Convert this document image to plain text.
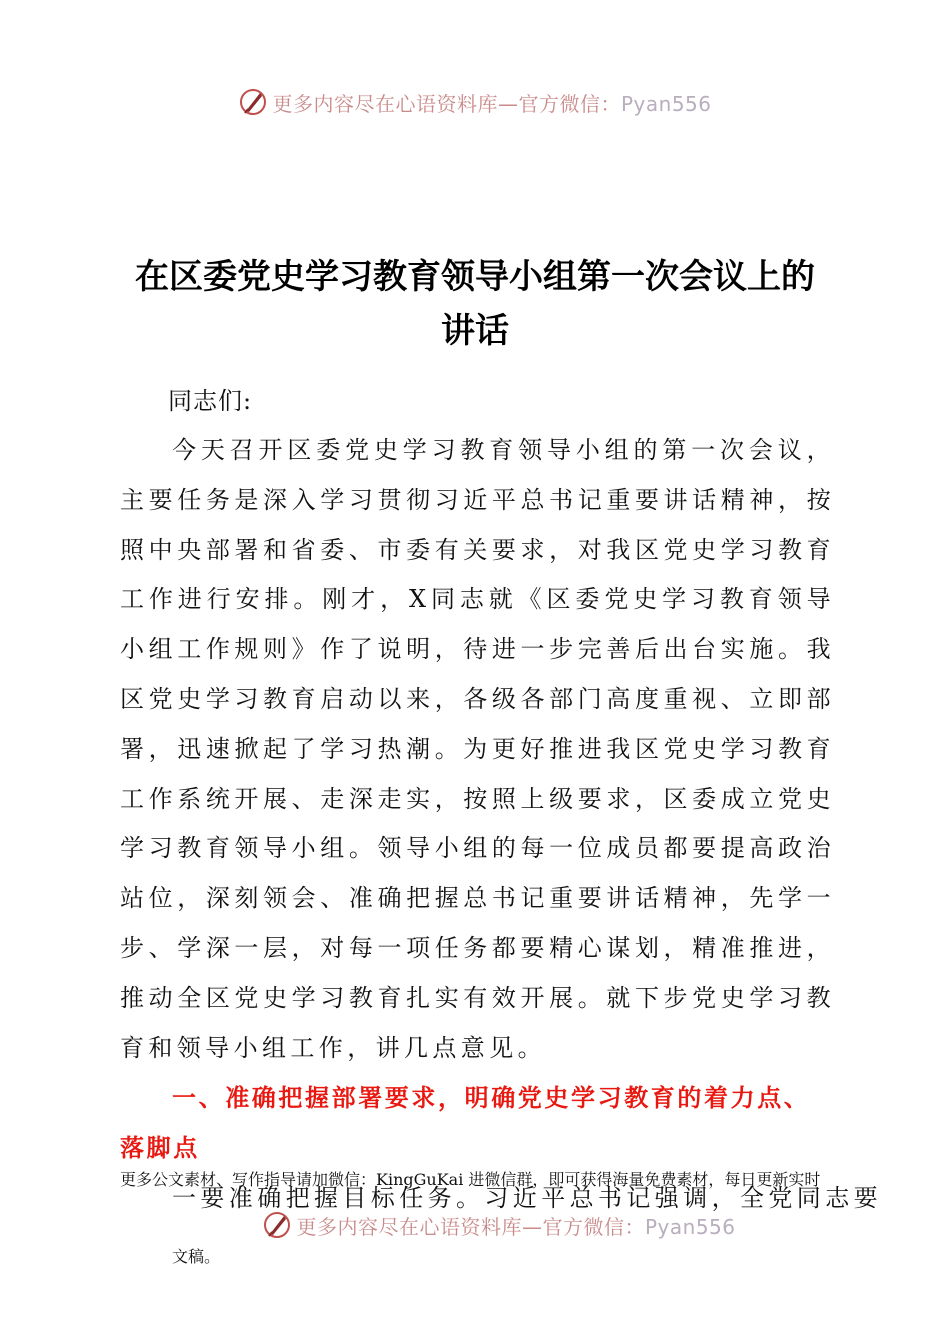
更多内容尽在心语资料库—官方微信：Pyan556
在区委党史学习教育领导小组第一次会议上的
讲话

同志们:

今天召开区委党史学习教育领导小组的第一次会议，主要任务是深入学习贯彻习近平总书记重要讲话精神，按照中央部署和省委、市委有关要求，对我区党史学习教育工作进行安排。刚才，X同志就《区委党史学习教育领导小组工作规则》作了说明，待进一步完善后出台实施。我区党史学习教育启动以来，各级各部门高度重视、立即部署，迅速掀起了学习热潮。为更好推进我区党史学习教育工作系统开展、走深走实，按照上级要求，区委成立党史学习教育领导小组。领导小组的每一位成员都要提高政治站位，深刻领会、准确把握总书记重要讲话精神，先学一步、学深一层，对每一项任务都要精心谋划，精准推进，推动全区党史学习教育扎实有效开展。就下步党史学习教育和领导小组工作，讲几点意见。

一、准确把握部署要求，明确党史学习教育的着力点、落脚点

一要准确把握目标任务。习近平总书记强调，全党同志要

更多公文素材、写作指导请加微信：KingGuKai 进微信群，即可获得海量免费素材，每日更新实时
更多内容尽在心语资料库—官方微信：Pyan556
文稿。
